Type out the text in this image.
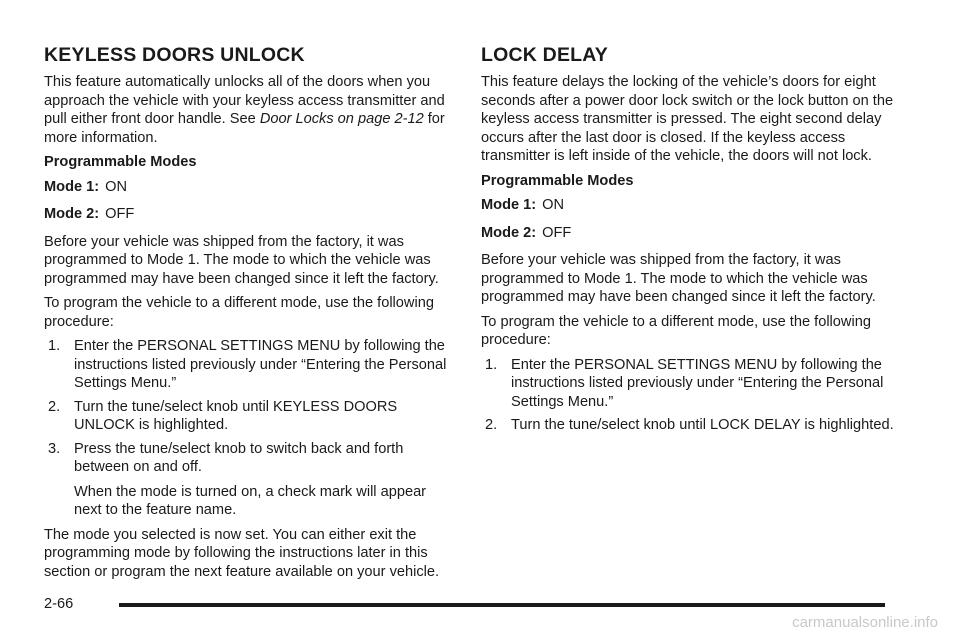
KEYLESS DOORS UNLOCK

This feature automatically unlocks all of the doors when you approach the vehicle with your keyless access transmitter and pull either front door handle. See Door Locks on page 2-12 for more information.

Programmable Modes

Mode 1: ON
Mode 2: OFF

Before your vehicle was shipped from the factory, it was programmed to Mode 1. The mode to which the vehicle was programmed may have been changed since it left the factory.

To program the vehicle to a different mode, use the following procedure:

1. Enter the PERSONAL SETTINGS MENU by following the instructions listed previously under “Entering the Personal Settings Menu.”
2. Turn the tune/select knob until KEYLESS DOORS UNLOCK is highlighted.
3. Press the tune/select knob to switch back and forth between on and off.

When the mode is turned on, a check mark will appear next to the feature name.

The mode you selected is now set. You can either exit the programming mode by following the instructions later in this section or program the next feature available on your vehicle.

LOCK DELAY

This feature delays the locking of the vehicle’s doors for eight seconds after a power door lock switch or the lock button on the keyless access transmitter is pressed. The eight second delay occurs after the last door is closed. If the keyless access transmitter is left inside of the vehicle, the doors will not lock.

Programmable Modes

Mode 1: ON
Mode 2: OFF

Before your vehicle was shipped from the factory, it was programmed to Mode 1. The mode to which the vehicle was programmed may have been changed since it left the factory.

To program the vehicle to a different mode, use the following procedure:

1. Enter the PERSONAL SETTINGS MENU by following the instructions listed previously under “Entering the Personal Settings Menu.”
2. Turn the tune/select knob until LOCK DELAY is highlighted.
2-66
carmanualsonline.info
